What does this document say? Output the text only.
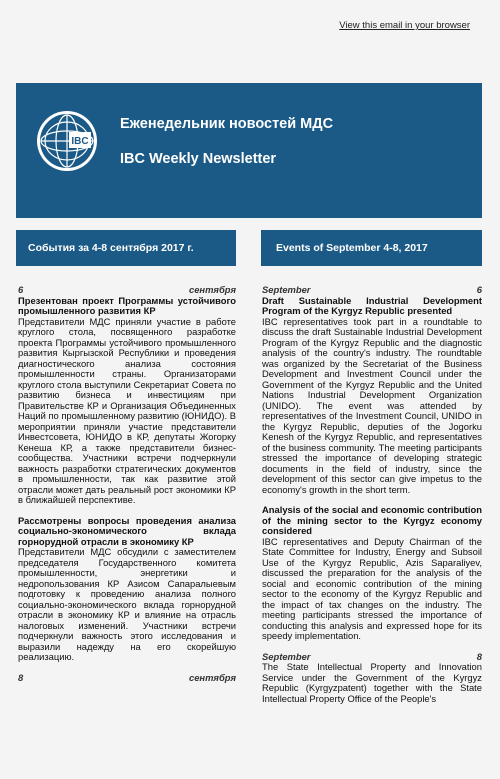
View this email in your browser
IBC
Еженедельник новостей МДС
IBC Weekly Newsletter
События за 4-8 сентября 2017 г.	Events of September 4-8, 2017
6	сентября

Презентован проект Программы устойчивого промышленного развития КР

Представители МДС приняли участие в работе круглого стола, посвященного разработке проекта Программы устойчивого промышленного развития Кыргызской Республики и проведения диагностического анализа состояния промышленности страны. Организаторами круглого стола выступили Секретариат Совета по развитию бизнеса и инвестициям при Правительстве КР и Организация Объединенных Наций по промышленному развитию (ЮНИДО). В мероприятии приняли участие представители Инвестсовета, ЮНИДО в КР, депутаты Жогорку Кенеша КР, а также представители бизнес-сообщества. Участники встречи подчеркнули важность разработки стратегических документов в промышленности, так как развитие этой отрасли может дать реальный рост экономики КР в ближайшей перспективе.

Рассмотрены вопросы проведения анализа социально-экономического вклада горнорудной отрасли в экономику КР

Представители МДС обсудили с заместителем председателя Государственного комитета промышленности, энергетики и недропользования КР Азисом Сапаралыевым подготовку к проведению анализа полного социально-экономического вклада горнорудной отрасли в экономику КР и влияние на отрасль налоговых изменений. Участники встречи подчеркнули важность этого исследования и выразили надежду на его скорейшую реализацию.

8	сентября
September	6

Draft Sustainable Industrial Development Program of the Kyrgyz Republic presented

IBC representatives took part in a roundtable to discuss the draft Sustainable Industrial Development Program of the Kyrgyz Republic and the diagnostic analysis of the country's industry. The roundtable was organized by the Secretariat of the Business Development and Investment Council under the Government of the Kyrgyz Republic and the United Nations Industrial Development Organization (UNIDO). The event was attended by representatives of the Investment Council, UNIDO in the Kyrgyz Republic, deputies of the Jogorku Kenesh of the Kyrgyz Republic, and representatives of the business community. The meeting participants stressed the importance of developing strategic documents in the field of industry, since the development of this sector can give impetus to the economy's growth in the short term.

Analysis of the social and economic contribution of the mining sector to the Kyrgyz economy considered

IBC representatives and Deputy Chairman of the State Committee for Industry, Energy and Subsoil Use of the Kyrgyz Republic, Azis Saparaliyev, discussed the preparation for the analysis of the social and economic contribution of the mining sector to the economy of the Kyrgyz Republic and the impact of tax changes on the industry. The meeting participants stressed the importance of conducting this analysis and expressed hope for its speedy implementation.

September	8

The State Intellectual Property and Innovation Service under the Government of the Kyrgyz Republic (Kyrgyzpatent) together with the State Intellectual Property Office of the People's
